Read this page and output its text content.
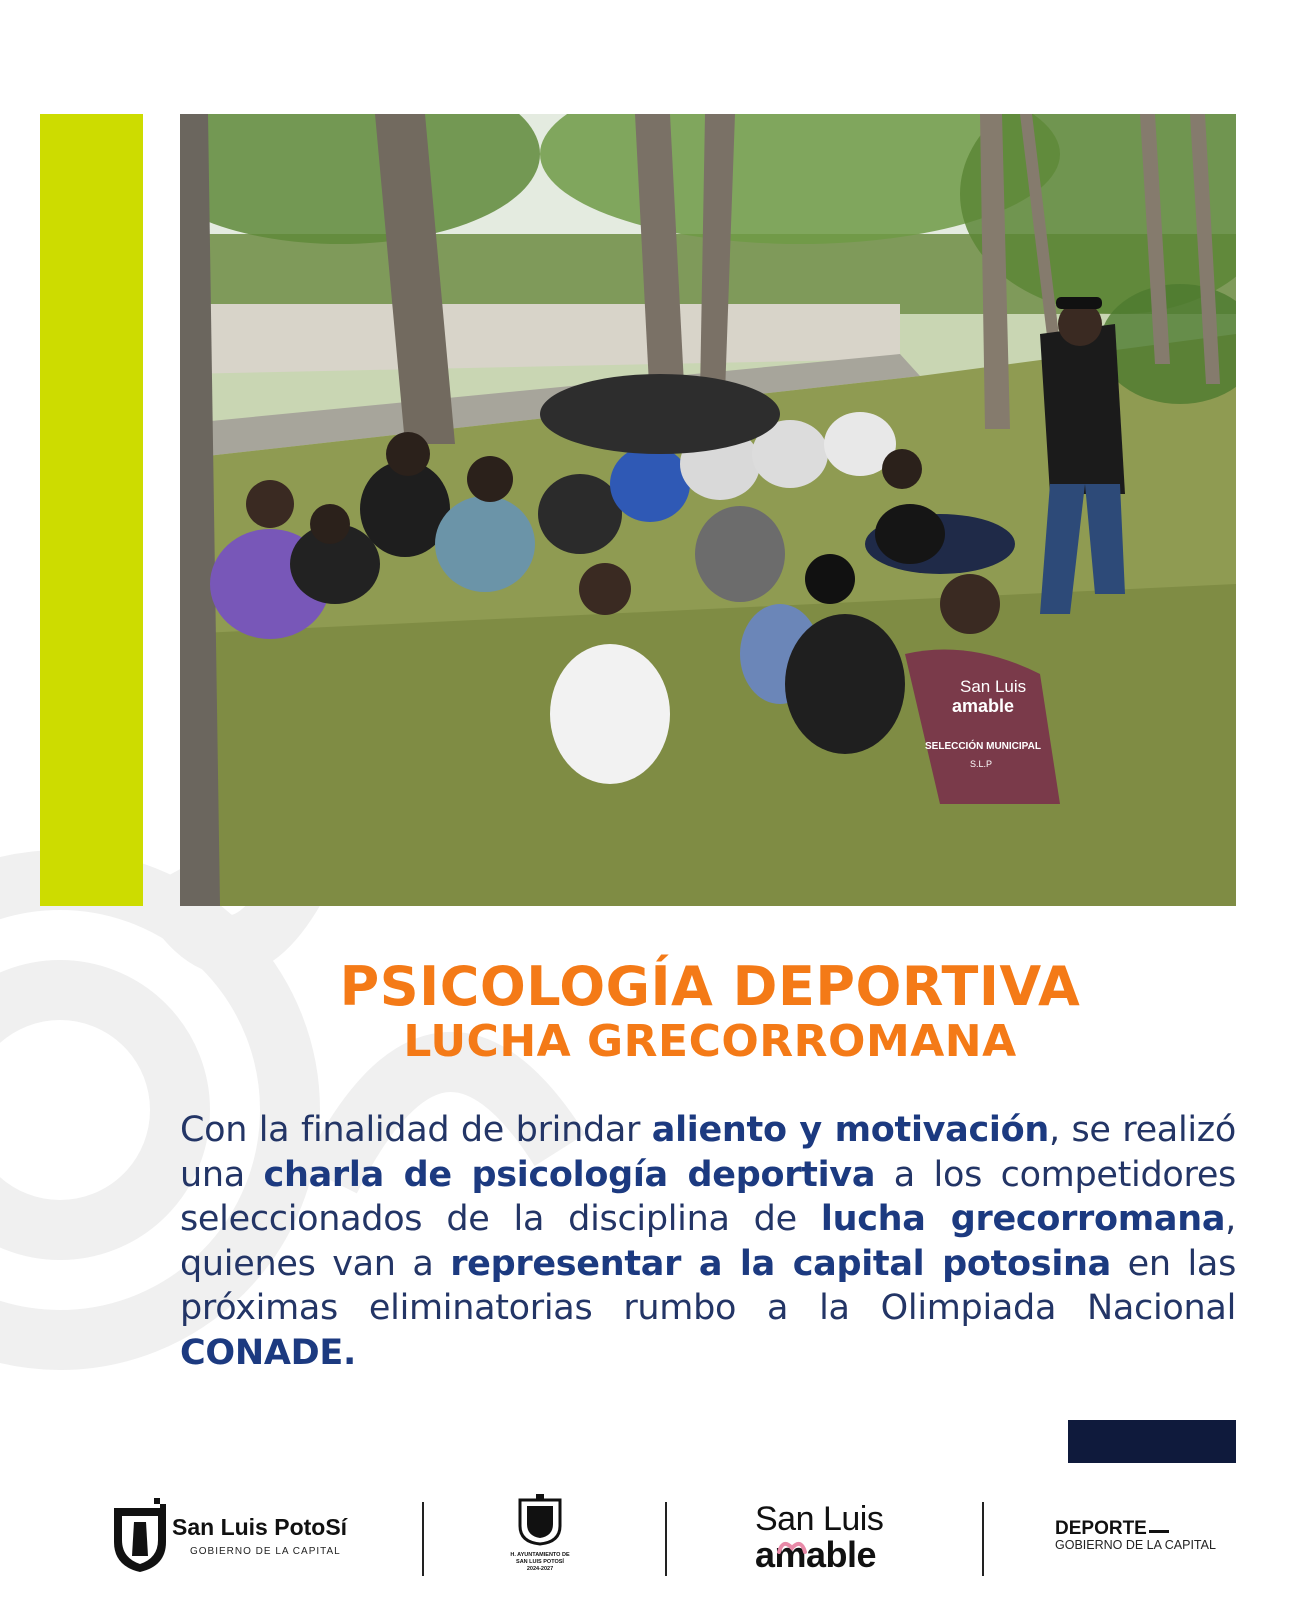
San Luis
amable
SELECCIÓN MUNICIPAL
S.L.P
PSICOLOGÍA DEPORTIVA
LUCHA GRECORROMANA
Con la finalidad de brindar aliento y motivación, se realizó una charla de psicología deportiva a los competidores seleccionados de la disciplina de lucha grecorromana, quienes van a representar a la capital potosina en las próximas eliminatorias rumbo a la Olimpiada Nacional CONADE.
San Luis PotoSí
GOBIERNO DE LA CAPITAL	H. AYUNTAMIENTO DE
SAN LUIS POTOSÍ
2024-2027
San Luis
amable
DEPORTE
GOBIERNO DE LA CAPITAL
